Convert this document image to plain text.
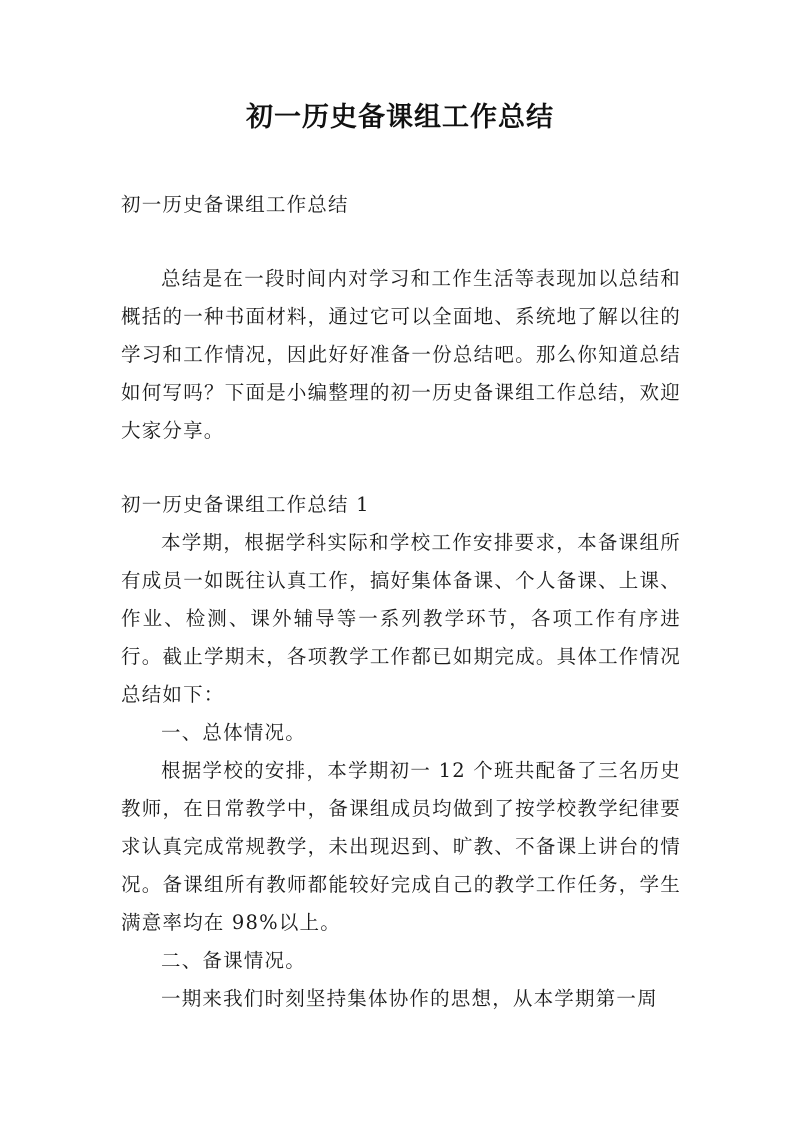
初一历史备课组工作总结
初一历史备课组工作总结
总结是在一段时间内对学习和工作生活等表现加以总结和概括的一种书面材料，通过它可以全面地、系统地了解以往的学习和工作情况，因此好好准备一份总结吧。那么你知道总结如何写吗？下面是小编整理的初一历史备课组工作总结，欢迎大家分享。
初一历史备课组工作总结 1

本学期，根据学科实际和学校工作安排要求，本备课组所有成员一如既往认真工作，搞好集体备课、个人备课、上课、作业、检测、课外辅导等一系列教学环节，各项工作有序进行。截止学期末，各项教学工作都已如期完成。具体工作情况总结如下：

一、总体情况。

根据学校的安排，本学期初一 12 个班共配备了三名历史教师，在日常教学中，备课组成员均做到了按学校教学纪律要求认真完成常规教学，未出现迟到、旷教、不备课上讲台的情况。备课组所有教师都能较好完成自己的教学工作任务，学生满意率均在 98%以上。

二、备课情况。

一期来我们时刻坚持集体协作的思想，从本学期第一周
